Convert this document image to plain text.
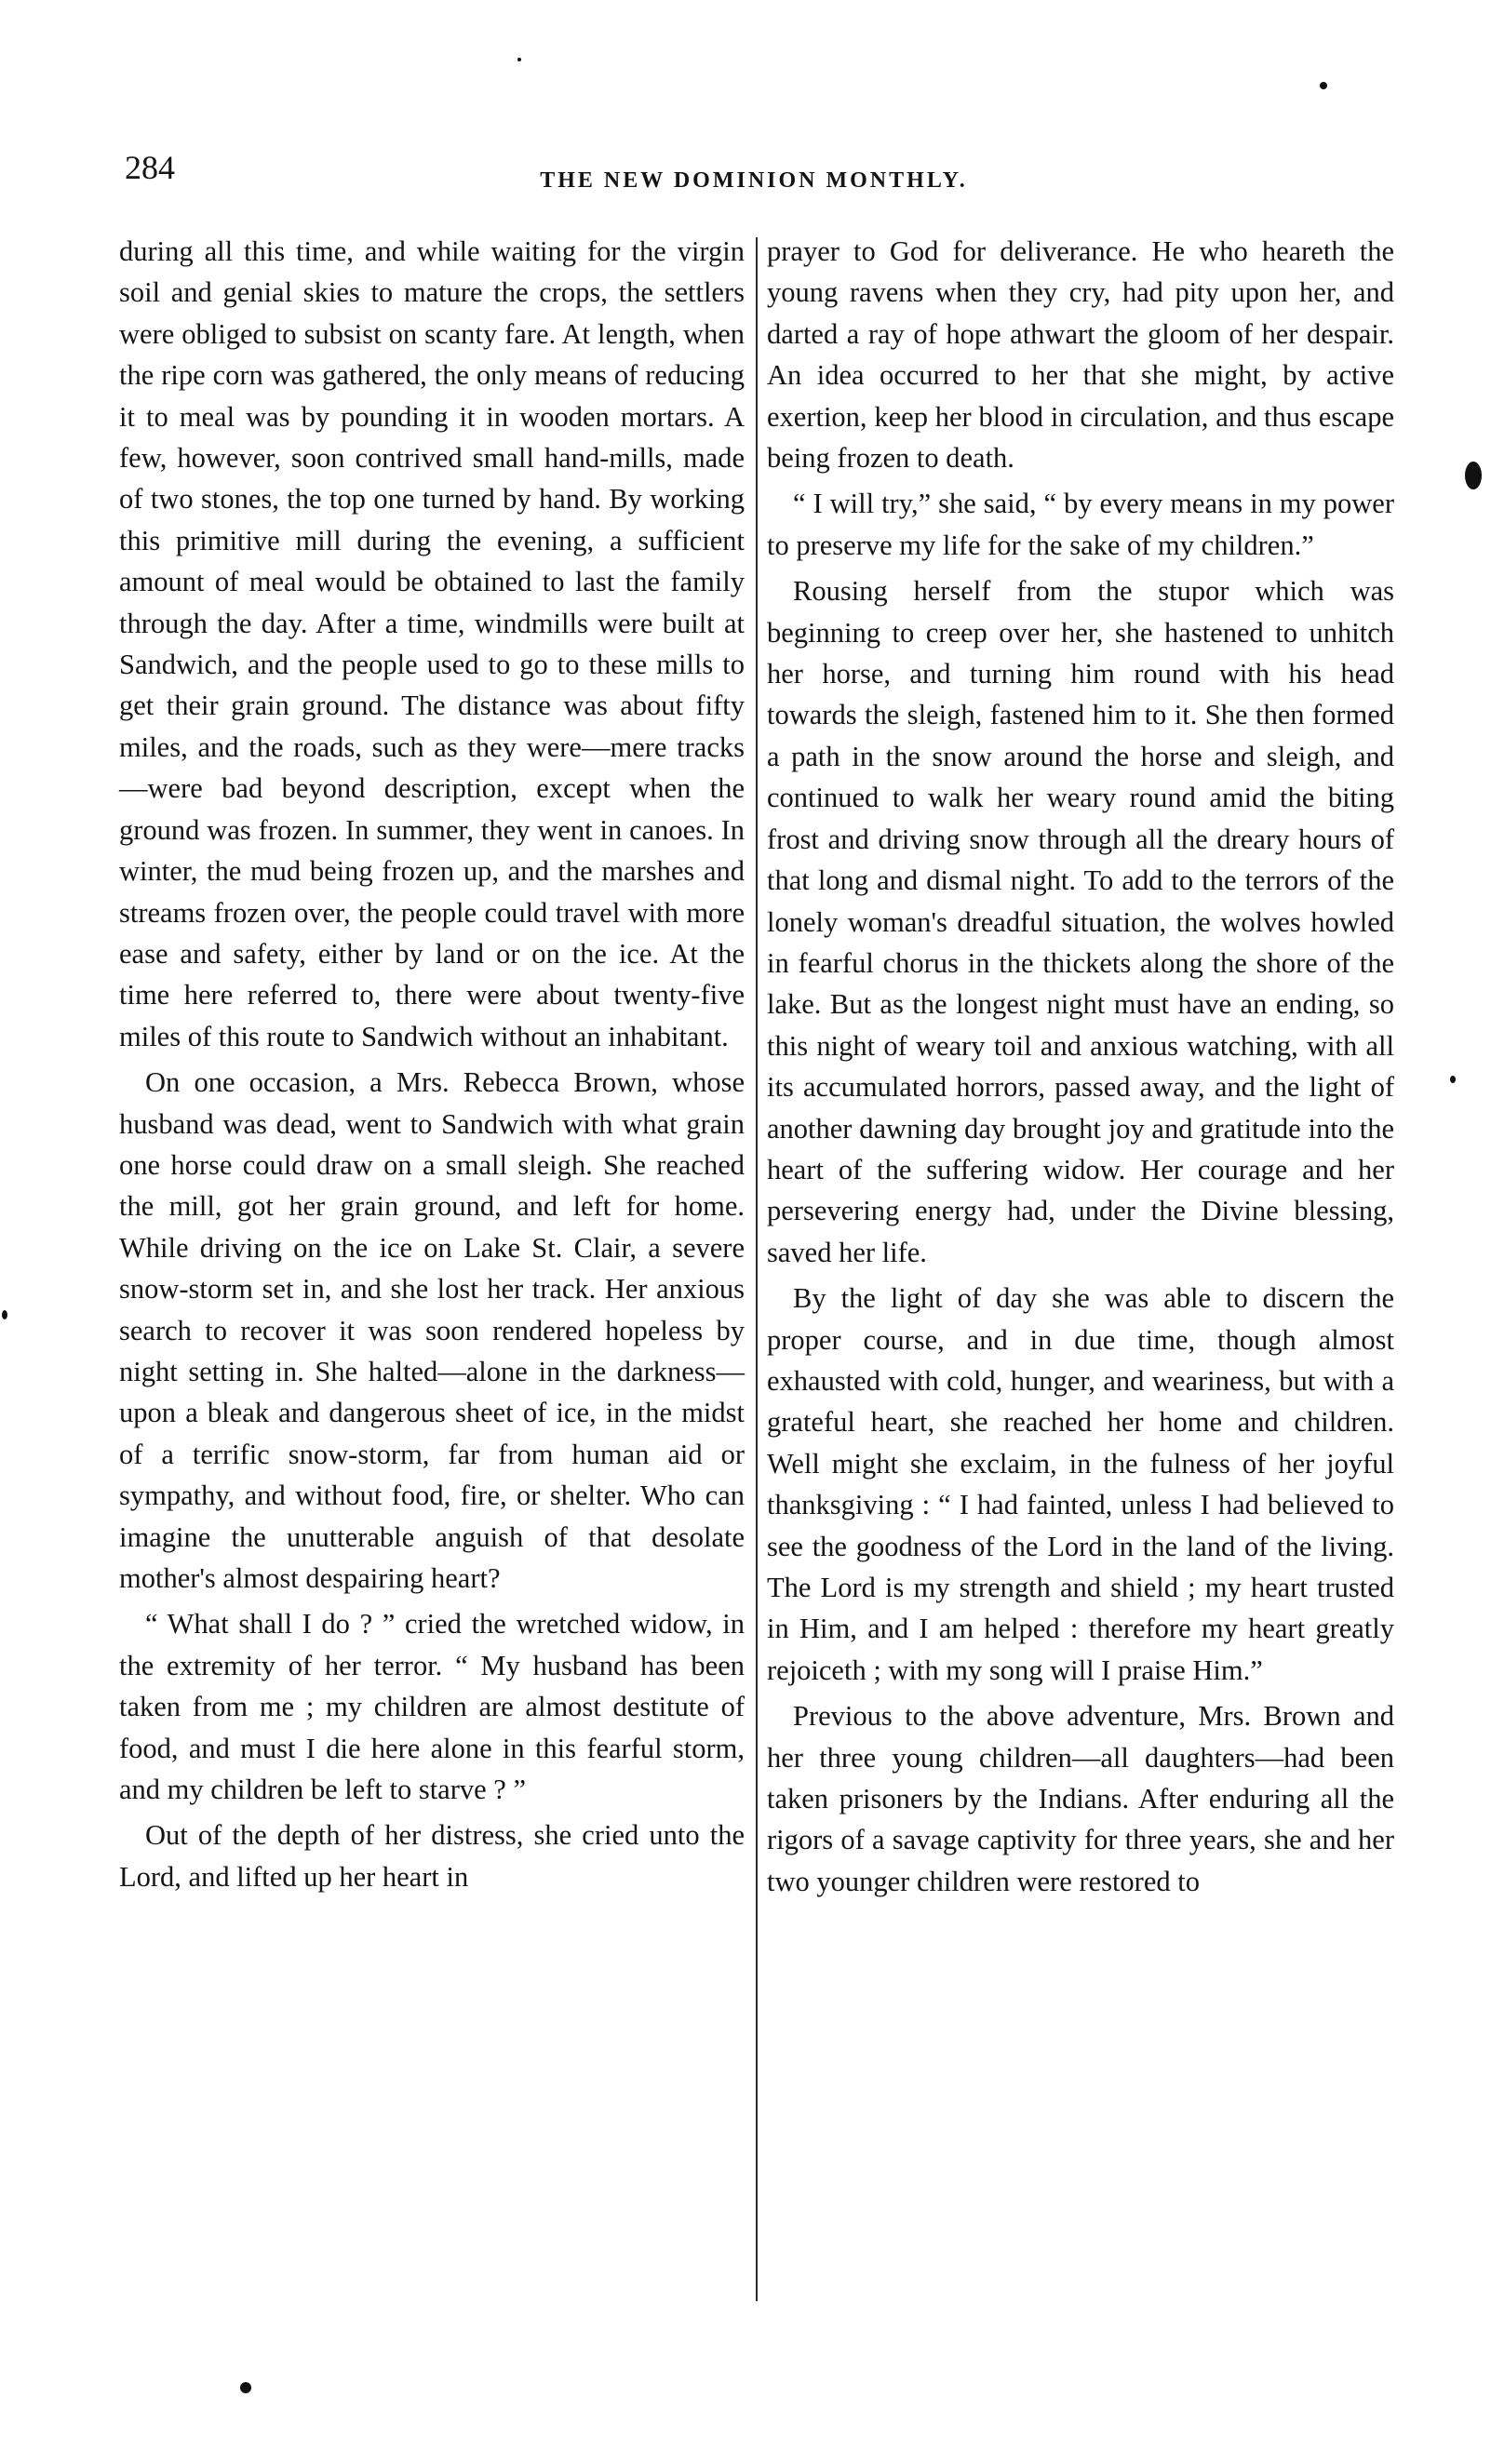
284	THE NEW DOMINION MONTHLY.

during all this time, and while waiting for the virgin soil and genial skies to mature the crops, the settlers were obliged to subsist on scanty fare. At length, when the ripe corn was gathered, the only means of reducing it to meal was by pounding it in wooden mortars. A few, however, soon contrived small hand-mills, made of two stones, the top one turned by hand. By working this primitive mill during the evening, a sufficient amount of meal would be obtained to last the family through the day. After a time, windmills were built at Sandwich, and the people used to go to these mills to get their grain ground. The distance was about fifty miles, and the roads, such as they were—mere tracks—were bad beyond description, except when the ground was frozen. In summer, they went in canoes. In winter, the mud being frozen up, and the marshes and streams frozen over, the people could travel with more ease and safety, either by land or on the ice. At the time here referred to, there were about twenty-five miles of this route to Sandwich without an inhabitant.

On one occasion, a Mrs. Rebecca Brown, whose husband was dead, went to Sandwich with what grain one horse could draw on a small sleigh. She reached the mill, got her grain ground, and left for home. While driving on the ice on Lake St. Clair, a severe snow-storm set in, and she lost her track. Her anxious search to recover it was soon rendered hopeless by night setting in. She halted—alone in the darkness—upon a bleak and dangerous sheet of ice, in the midst of a terrific snow-storm, far from human aid or sympathy, and without food, fire, or shelter. Who can imagine the unutterable anguish of that desolate mother's almost despairing heart?

“ What shall I do ? ” cried the wretched widow, in the extremity of her terror. “ My husband has been taken from me ; my children are almost destitute of food, and must I die here alone in this fearful storm, and my children be left to starve ? ”

Out of the depth of her distress, she cried unto the Lord, and lifted up her heart in

prayer to God for deliverance. He who heareth the young ravens when they cry, had pity upon her, and darted a ray of hope athwart the gloom of her despair. An idea occurred to her that she might, by active exertion, keep her blood in circulation, and thus escape being frozen to death.

“ I will try,” she said, “ by every means in my power to preserve my life for the sake of my children.”

Rousing herself from the stupor which was beginning to creep over her, she hastened to unhitch her horse, and turning him round with his head towards the sleigh, fastened him to it. She then formed a path in the snow around the horse and sleigh, and continued to walk her weary round amid the biting frost and driving snow through all the dreary hours of that long and dismal night. To add to the terrors of the lonely woman's dreadful situation, the wolves howled in fearful chorus in the thickets along the shore of the lake. But as the longest night must have an ending, so this night of weary toil and anxious watching, with all its accumulated horrors, passed away, and the light of another dawning day brought joy and gratitude into the heart of the suffering widow. Her courage and her persevering energy had, under the Divine blessing, saved her life.

By the light of day she was able to discern the proper course, and in due time, though almost exhausted with cold, hunger, and weariness, but with a grateful heart, she reached her home and children. Well might she exclaim, in the fulness of her joyful thanksgiving : “ I had fainted, unless I had believed to see the goodness of the Lord in the land of the living. The Lord is my strength and shield ; my heart trusted in Him, and I am helped : therefore my heart greatly rejoiceth ; with my song will I praise Him.”

Previous to the above adventure, Mrs. Brown and her three young children—all daughters—had been taken prisoners by the Indians. After enduring all the rigors of a savage captivity for three years, she and her two younger children were restored to
